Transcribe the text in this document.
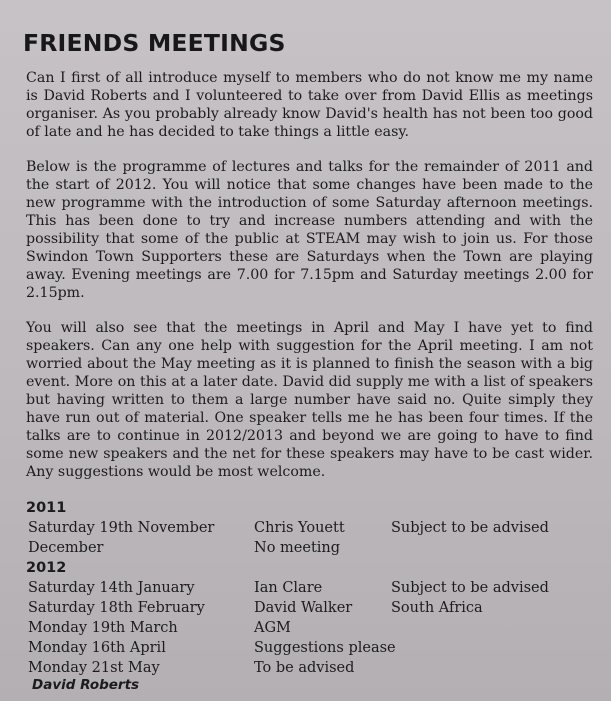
FRIENDS MEETINGS

Can I first of all introduce myself to members who do not know me my name is David Roberts and I volunteered to take over from David Ellis as meetings organiser. As you probably already know David's health has not been too good of late and he has decided to take things a little easy.

Below is the programme of lectures and talks for the remainder of 2011 and the start of 2012. You will notice that some changes have been made to the new programme with the introduction of some Saturday afternoon meetings. This has been done to try and increase numbers attending and with the possibility that some of the public at STEAM may wish to join us. For those Swindon Town Supporters these are Saturdays when the Town are playing away. Evening meetings are 7.00 for 7.15pm and Saturday meetings 2.00 for 2.15pm.

You will also see that the meetings in April and May I have yet to find speakers. Can any one help with suggestion for the April meeting. I am not worried about the May meeting as it is planned to finish the season with a big event. More on this at a later date. David did supply me with a list of speakers but having written to them a large number have said no. Quite simply they have run out of material. One speaker tells me he has been four times. If the talks are to continue in 2012/2013 and beyond we are going to have to find some new speakers and the net for these speakers may have to be cast wider. Any suggestions would be most welcome.

2011
Saturday 19th November	Chris Youett	Subject to be advised
December	No meeting
2012
Saturday 14th January	Ian Clare	Subject to be advised
Saturday 18th February	David Walker	South Africa
Monday 19th March	AGM
Monday 16th April	Suggestions please
Monday 21st May	To be advised
David Roberts
